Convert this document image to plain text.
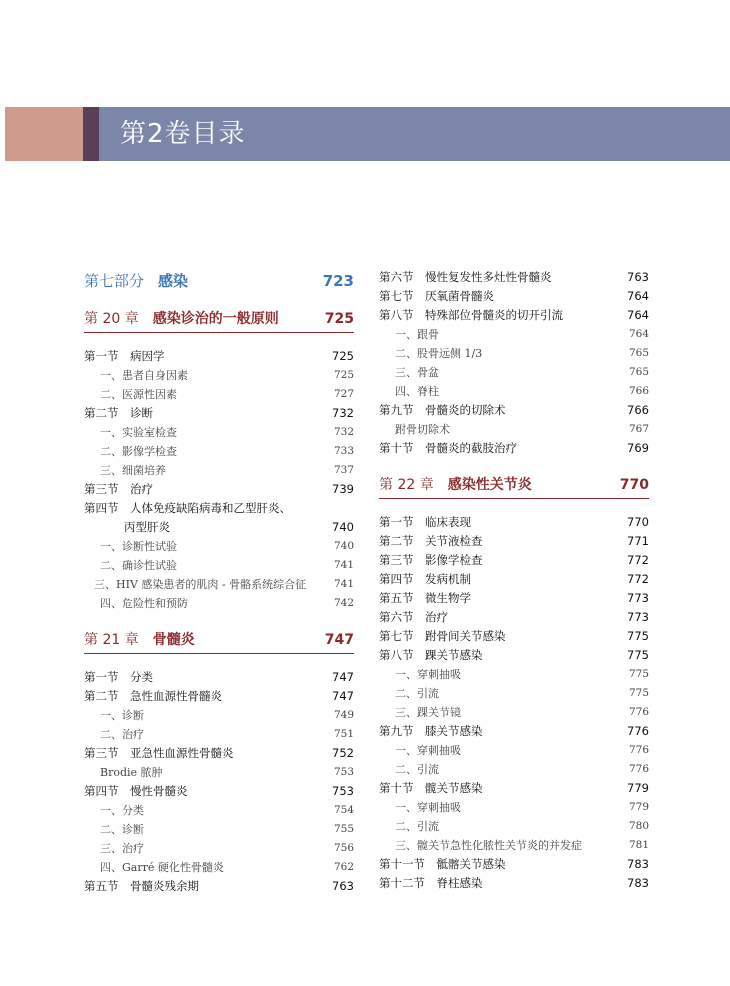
第2卷目录
第七部分 感染	723
第 20 章 感染诊治的一般原则	725
第一节　病因学	725
一、患者自身因素	725
二、医源性因素	727
第二节　诊断	732
一、实验室检查	732
二、影像学检查	733
三、细菌培养	737
第三节　治疗	739
第四节　人体免疫缺陷病毒和乙型肝炎、
丙型肝炎	740
一、诊断性试验	740
二、确诊性试验	741
三、HIV 感染患者的肌肉 - 骨骼系统综合征	741
四、危险性和预防	742
第 21 章 骨髓炎	747
第一节　分类	747
第二节　急性血源性骨髓炎	747
一、诊断	749
二、治疗	751
第三节　亚急性血源性骨髓炎	752
Brodie 脓肿	753
第四节　慢性骨髓炎	753
一、分类	754
二、诊断	755
三、治疗	756
四、Garré 硬化性骨髓炎	762
第五节　骨髓炎残余期	763
第六节　慢性复发性多灶性骨髓炎	763
第七节　厌氧菌骨髓炎	764
第八节　特殊部位骨髓炎的切开引流	764
一、跟骨	764
二、股骨远侧 1/3	765
三、骨盆	765
四、脊柱	766
第九节　骨髓炎的切除术	766
跗骨切除术	767
第十节　骨髓炎的截肢治疗	769
第 22 章 感染性关节炎	770
第一节　临床表现	770
第二节　关节液检查	771
第三节　影像学检查	772
第四节　发病机制	772
第五节　微生物学	773
第六节　治疗	773
第七节　跗骨间关节感染	775
第八节　踝关节感染	775
一、穿刺抽吸	775
二、引流	775
三、踝关节镜	776
第九节　膝关节感染	776
一、穿刺抽吸	776
二、引流	776
第十节　髋关节感染	779
一、穿刺抽吸	779
二、引流	780
三、髋关节急性化脓性关节炎的并发症	781
第十一节　骶髂关节感染	783
第十二节　脊柱感染	783
